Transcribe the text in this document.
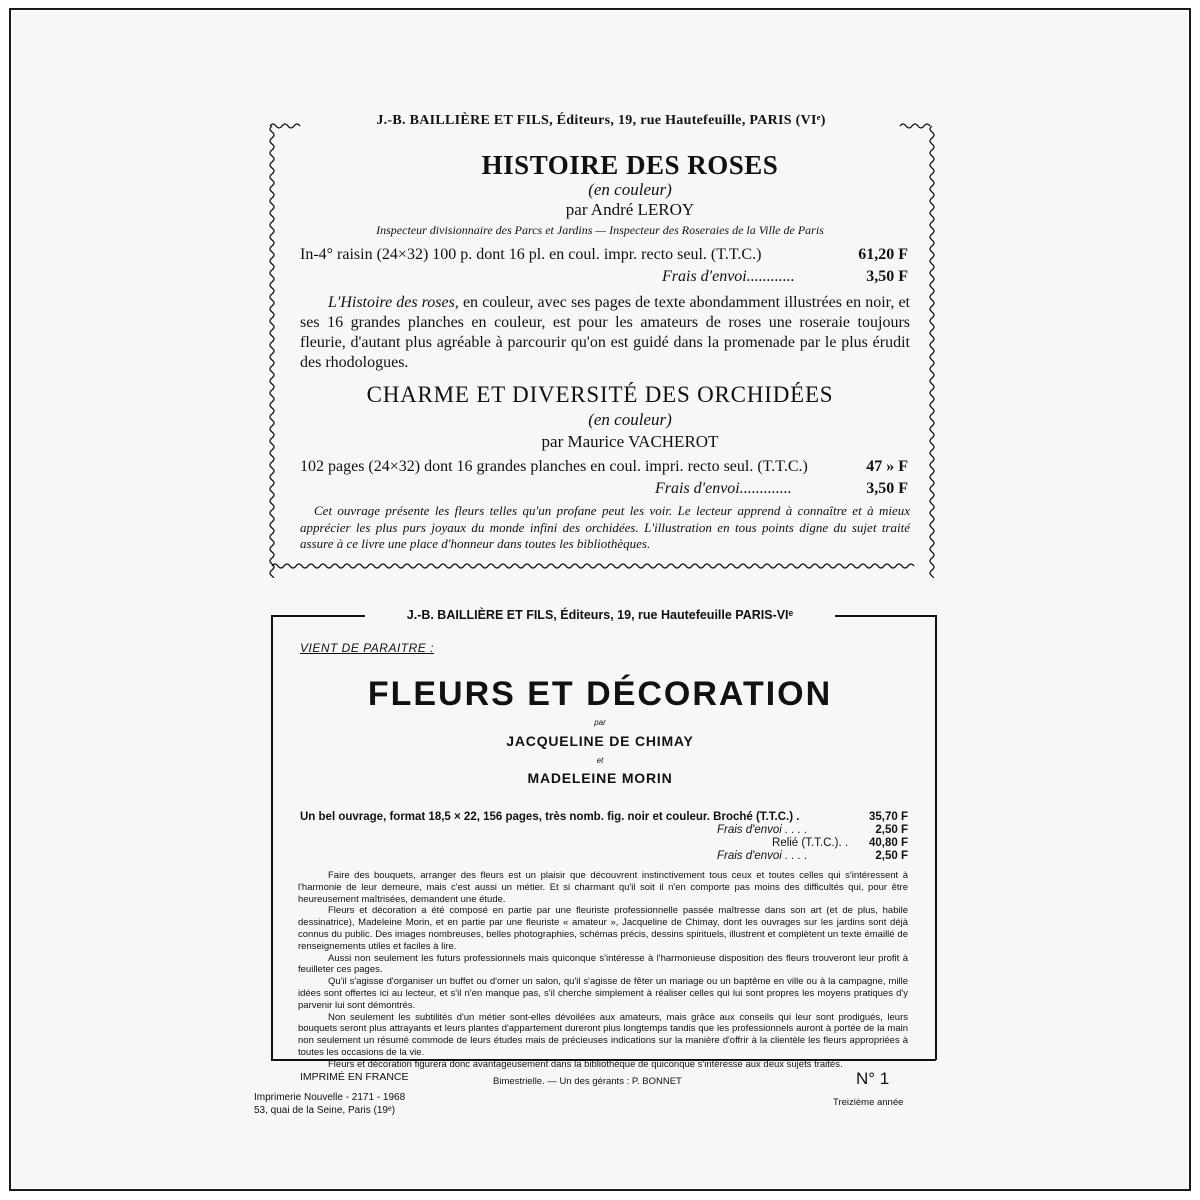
J.-B. BAILLIÈRE ET FILS, Éditeurs, 19, rue Hautefeuille, PARIS (VIᵉ)
HISTOIRE DES ROSES
(en couleur)
par André LEROY
Inspecteur divisionnaire des Parcs et Jardins — Inspecteur des Roseraies de la Ville de Paris
In-4° raisin (24×32) 100 p. dont 16 pl. en coul. impr. recto seul. (T.T.C.)	61,20 F
Frais d'envoi............	3,50 F
L'Histoire des roses, en couleur, avec ses pages de texte abondamment illustrées en noir, et ses 16 grandes planches en couleur, est pour les amateurs de roses une roseraie toujours fleurie, d'autant plus agréable à parcourir qu'on est guidé dans la promenade par le plus érudit des rhodologues.
CHARME ET DIVERSITÉ DES ORCHIDÉES
(en couleur)
par Maurice VACHEROT
102 pages (24×32) dont 16 grandes planches en coul. impri. recto seul. (T.T.C.)	47 » F
Frais d'envoi.............	3,50 F
Cet ouvrage présente les fleurs telles qu'un profane peut les voir. Le lecteur apprend à connaître et à mieux apprécier les plus purs joyaux du monde infini des orchidées. L'illustration en tous points digne du sujet traité assure à ce livre une place d'honneur dans toutes les bibliothèques.
J.-B. BAILLIÈRE ET FILS, Éditeurs, 19, rue Hautefeuille PARIS-VIᵉ
VIENT DE PARAITRE :
FLEURS ET DÉCORATION
par
JACQUELINE DE CHIMAY
et
MADELEINE MORIN
Un bel ouvrage, format 18,5 × 22, 156 pages, très nomb. fig. noir et couleur. Broché (T.T.C.) .	35,70 F
Frais d'envoi . . . .	2,50 F
Relié (T.T.C.). . 40,80 F
Frais d'envoi . . . .	2,50 F

Faire des bouquets, arranger des fleurs est un plaisir que découvrent instinctivement tous ceux et toutes celles qui s'intéressent à l'harmonie de leur demeure, mais c'est aussi un métier. Et si charmant qu'il soit il n'en comporte pas moins des difficultés qui, pour être heureusement maîtrisées, demandent une étude.

Fleurs et décoration a été composé en partie par une fleuriste professionnelle passée maîtresse dans son art (et de plus, habile dessinatrice), Madeleine Morin, et en partie par une fleuriste « amateur », Jacqueline de Chimay, dont les ouvrages sur les jardins sont déjà connus du public. Des images nombreuses, belles photographies, schémas précis, dessins spirituels, illustrent et complètent un texte émaillé de renseignements utiles et faciles à lire.

Aussi non seulement les futurs professionnels mais quiconque s'intéresse à l'harmonieuse disposition des fleurs trouveront leur profit à feuilleter ces pages.

Qu'il s'agisse d'organiser un buffet ou d'orner un salon, qu'il s'agisse de fêter un mariage ou un baptême en ville ou à la campagne, mille idées sont offertes ici au lecteur, et s'il n'en manque pas, s'il cherche simplement à réaliser celles qui lui sont propres les moyens pratiques d'y parvenir lui sont démontrés.

Non seulement les subtilités d'un métier sont-elles dévoilées aux amateurs, mais grâce aux conseils qui leur sont prodigués, leurs bouquets seront plus attrayants et leurs plantes d'appartement dureront plus longtemps tandis que les professionnels auront à portée de la main non seulement un résumé commode de leurs études mais de précieuses indications sur la manière d'offrir à la clientèle les fleurs appropriées à toutes les occasions de la vie.

Fleurs et décoration figurera donc avantageusement dans la bibliothèque de quiconque s'intéresse aux deux sujets traités.

IMPRIMÉ EN FRANCE	Bimestrielle. — Un des gérants : P. BONNET	N° 1
Treizième année
Imprimerie Nouvelle - 2171 - 1968
53, quai de la Seine, Paris (19ᵉ)
